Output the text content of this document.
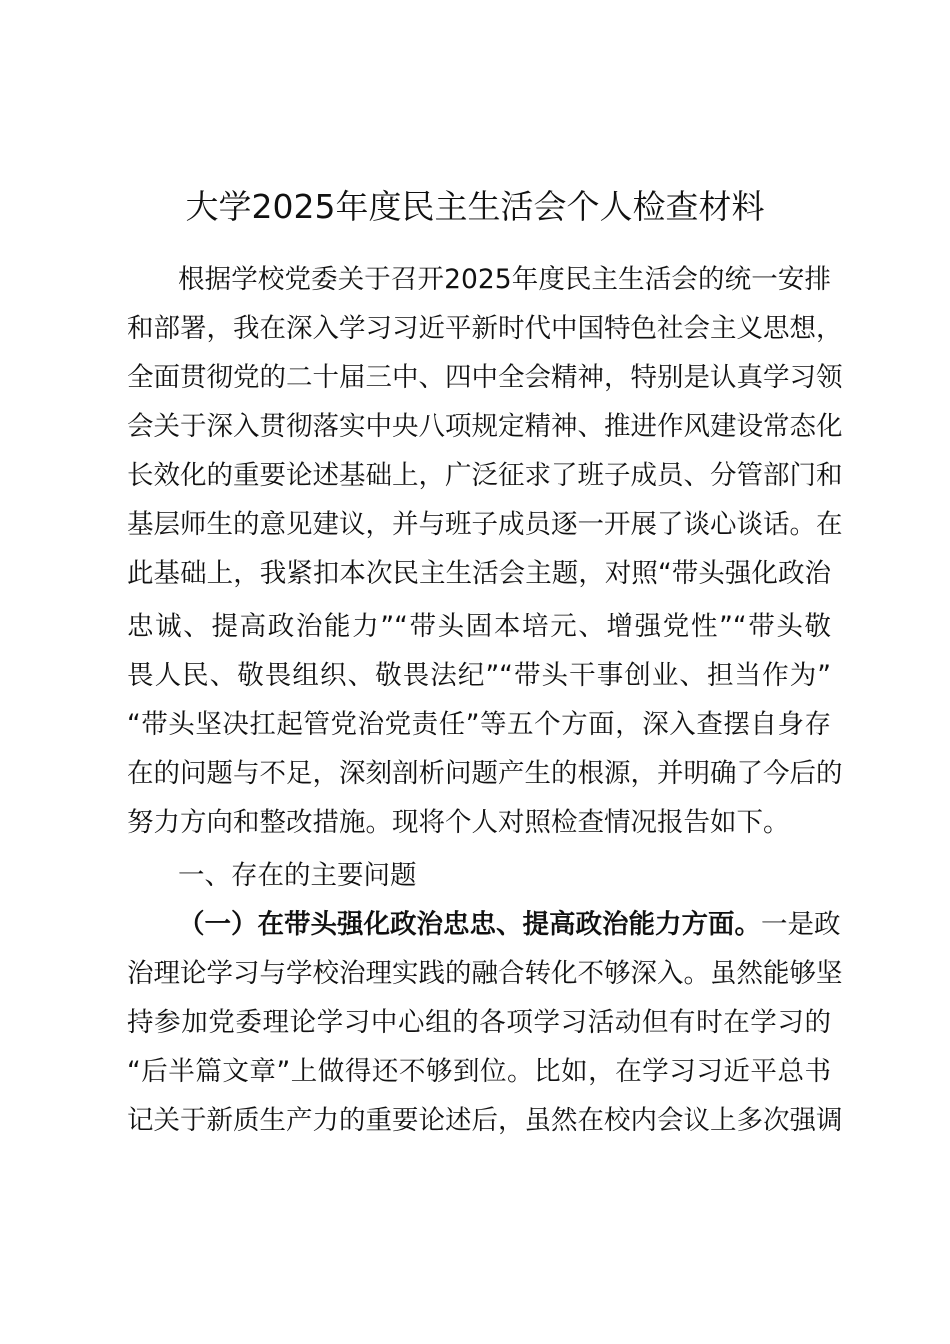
大学2025年度民主生活会个人检查材料
根据学校党委关于召开2025年度民主生活会的统一安排
和部署，我在深入学习习近平新时代中国特色社会主义思想，
全面贯彻党的二十届三中、四中全会精神，特别是认真学习领
会关于深入贯彻落实中央八项规定精神、推进作风建设常态化
长效化的重要论述基础上，广泛征求了班子成员、分管部门和
基层师生的意见建议，并与班子成员逐一开展了谈心谈话。在
此基础上，我紧扣本次民主生活会主题，对照“带头强化政治
忠诚、提高政治能力”“带头固本培元、增强党性”“带头敬
畏人民、敬畏组织、敬畏法纪”“带头干事创业、担当作为”
“带头坚决扛起管党治党责任”等五个方面，深入查摆自身存
在的问题与不足，深刻剖析问题产生的根源，并明确了今后的
努力方向和整改措施。现将个人对照检查情况报告如下。
一、存在的主要问题
（一）在带头强化政治忠忠、提高政治能力方面。一是政
治理论学习与学校治理实践的融合转化不够深入。虽然能够坚
持参加党委理论学习中心组的各项学习活动但有时在学习的
“后半篇文章”上做得还不够到位。比如，在学习习近平总书
记关于新质生产力的重要论述后，虽然在校内会议上多次强调
